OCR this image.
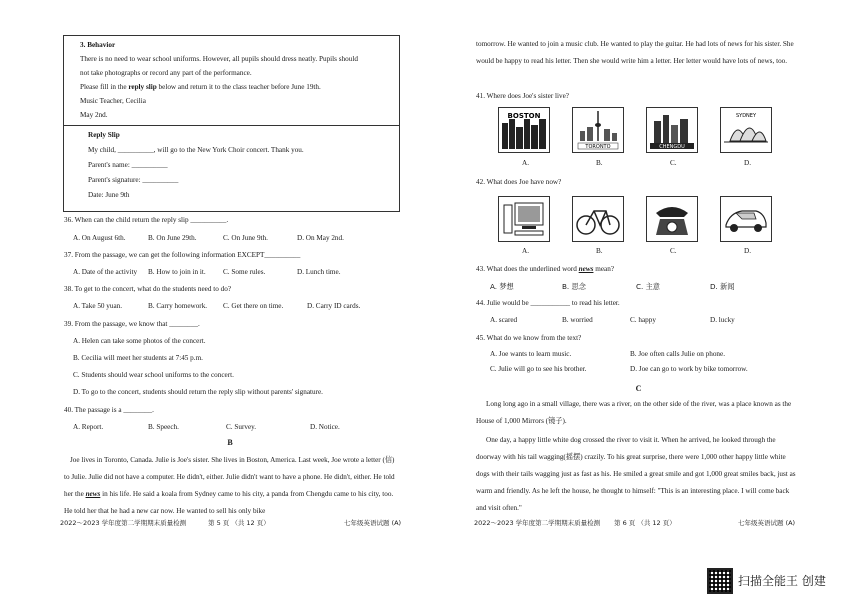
3. Behavior

There is no need to wear school uniforms. However, all pupils should dress neatly. Pupils should

not take photographs or record any part of the performance.

Please fill in the reply slip below and return it to the class teacher before June 19th.

Music Teacher, Cecilia

May 2nd.

Reply Slip

My child, __________, will go to the New York Choir concert. Thank you.

Parent's name: __________

Parent's signature: __________

Date: June 9th

36. When can the child return the reply slip __________.
A. On August 6th.	B. On June 29th.	C. On June 9th.	D. On May 2nd.
37. From the passage, we can get the following information EXCEPT__________
A. Date of the activity	B. How to join in it.	C. Some rules.	D. Lunch time.
38. To get to the concert, what do the students need to do?
A. Take 50 yuan.	B. Carry homework.	C. Get there on time.	D. Carry ID cards.
39. From the passage, we know that ________.
A. Helen can take some photos of the concert.
B. Cecilia will meet her students at 7:45 p.m.
C. Students should wear school uniforms to the concert.
D. To go to the concert, students should return the reply slip without parents' signature.
40. The passage is a ________.
A. Report.	B. Speech.	C. Survey.	D. Notice.
B
Joe lives in Toronto, Canada. Julie is Joe's sister. She lives in Boston, America. Last week, Joe wrote a letter (信) to Julie. Julie did not have a computer. He didn't, either. Julie didn't want to have a phone. He didn't, either. He told her the news in his life. He said a koala from Sydney came to his city, a panda from Chengdu came to his city, too. He told her that he had a new car now. He wanted to sell his only bike
2022～2023 学年度第二学期期末质量检测	第 5 页 （共 12 页）	七年级英语试题 (A)
tomorrow. He wanted to join a music club. He wanted to play the guitar. He had lots of news for his sister. She would be happy to read his letter. Then she would write him a letter. Her letter would have lots of news, too.
41. Where does Joe's sister live?
BOSTON
TORONTO	CHENGDU
SYDNEY
A.	B.	C.	D.
42. What does Joe have now?
A.	B.	C.	D.
43. What does the underlined word news mean?
A. 梦想	B. 思念	C. 主意	D. 新闻
44. Julie would be ___________ to read his letter.
A. scared	B. worried	C. happy	D. lucky
45. What do we know from the text?
A. Joe wants to learn music.	B. Joe often calls Julie on phone.
C. Julie will go to see his brother.	D. Joe can go to work by bike tomorrow.
C
Long long ago in a small village, there was a river, on the other side of the river, was a place known as the House of 1,000 Mirrors (镜子).
One day, a happy little white dog crossed the river to visit it. When he arrived, he looked through the doorway with his tail wagging(摇摆) crazily. To his great surprise, there were 1,000 other happy little white dogs with their tails wagging just as fast as his. He smiled a great smile and got 1,000 great smiles back, just as warm and friendly. As he left the house, he thought to himself: "This is an interesting place. I will come back and visit often."
2022～2023 学年度第二学期期末质量检测 第 6 页 （共 12 页）	七年级英语试题 (A)
扫描全能王 创建
